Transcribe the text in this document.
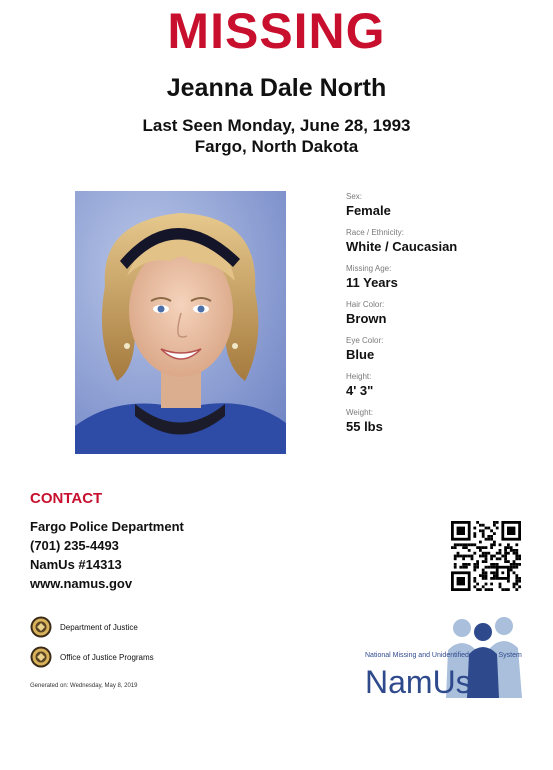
MISSING
Jeanna Dale North
Last Seen Monday, June 28, 1993
Fargo, North Dakota
Sex:
Female
Race / Ethnicity:
White / Caucasian
Missing Age:
11 Years
Hair Color:
Brown
Eye Color:
Blue
Height:
4' 3"
Weight:
55 lbs
CONTACT
Fargo Police Department
(701) 235-4493
NamUs #14313
www.namus.gov
Department of Justice
Office of Justice Programs
Generated on: Wednesday, May 8, 2019
National Missing and Unidentified Persons System
NamUs
